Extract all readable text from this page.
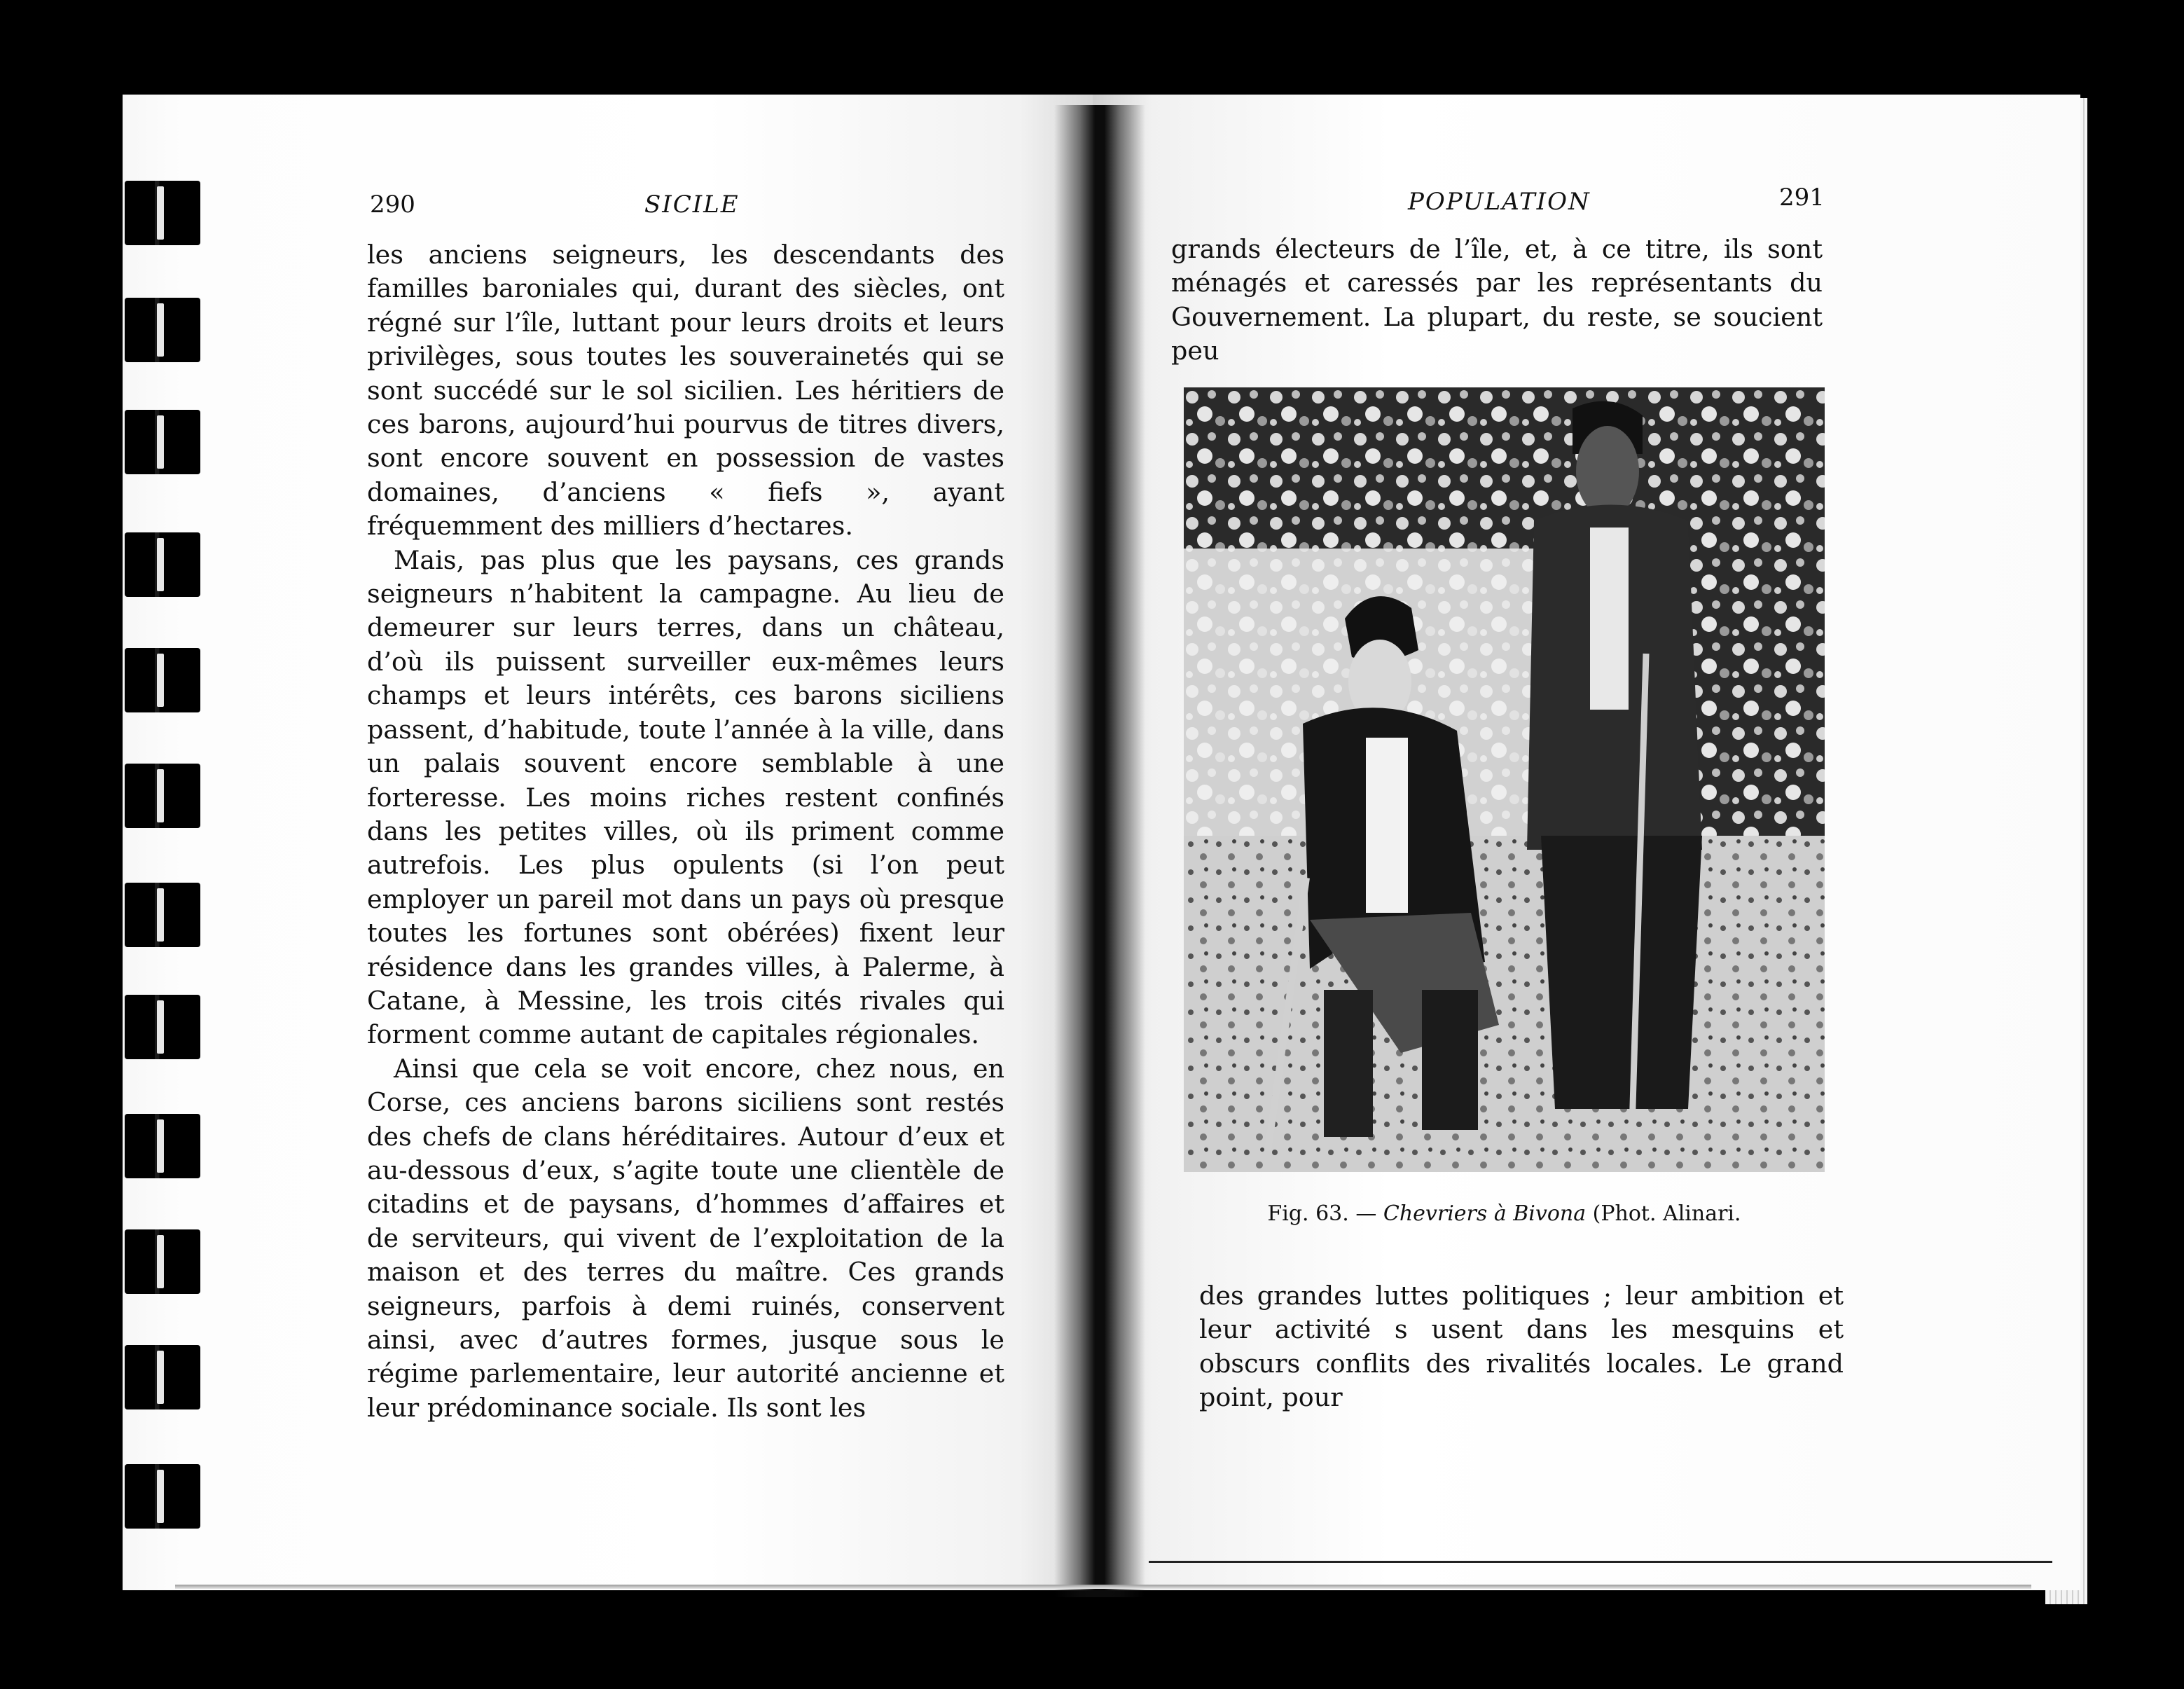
290	SICILE

les anciens seigneurs, les descendants des familles baroniales qui, durant des siècles, ont régné sur l’île, luttant pour leurs droits et leurs privilèges, sous toutes les souverainetés qui se sont succédé sur le sol sicilien. Les héritiers de ces barons, aujourd’hui pourvus de titres divers, sont encore souvent en possession de vastes domaines, d’anciens « fiefs », ayant fréquemment des milliers d’hectares.

Mais, pas plus que les paysans, ces grands seigneurs n’habitent la campagne. Au lieu de demeurer sur leurs terres, dans un château, d’où ils puissent surveiller eux-mêmes leurs champs et leurs intérêts, ces barons siciliens passent, d’habitude, toute l’année à la ville, dans un palais souvent encore semblable à une forteresse. Les moins riches restent confinés dans les petites villes, où ils priment comme autrefois. Les plus opulents (si l’on peut employer un pareil mot dans un pays où presque toutes les fortunes sont obérées) fixent leur résidence dans les grandes villes, à Palerme, à Catane, à Messine, les trois cités rivales qui forment comme autant de capitales régionales.

Ainsi que cela se voit encore, chez nous, en Corse, ces anciens barons siciliens sont restés des chefs de clans héréditaires. Autour d’eux et au-dessous d’eux, s’agite toute une clientèle de citadins et de paysans, d’hommes d’affaires et de serviteurs, qui vivent de l’exploitation de la maison et des terres du maître. Ces grands seigneurs, parfois à demi ruinés, conservent ainsi, avec d’autres formes, jusque sous le régime parlementaire, leur autorité ancienne et leur prédominance sociale. Ils sont les

POPULATION	291

grands électeurs de l’île, et, à ce titre, ils sont ménagés et caressés par les représentants du Gouvernement. La plupart, du reste, se soucient peu

Fig. 63. — Chevriers à Bivona (Phot. Alinari.

des grandes luttes politiques ; leur ambition et leur activité s usent dans les mesquins et obscurs conflits des rivalités locales. Le grand point, pour
